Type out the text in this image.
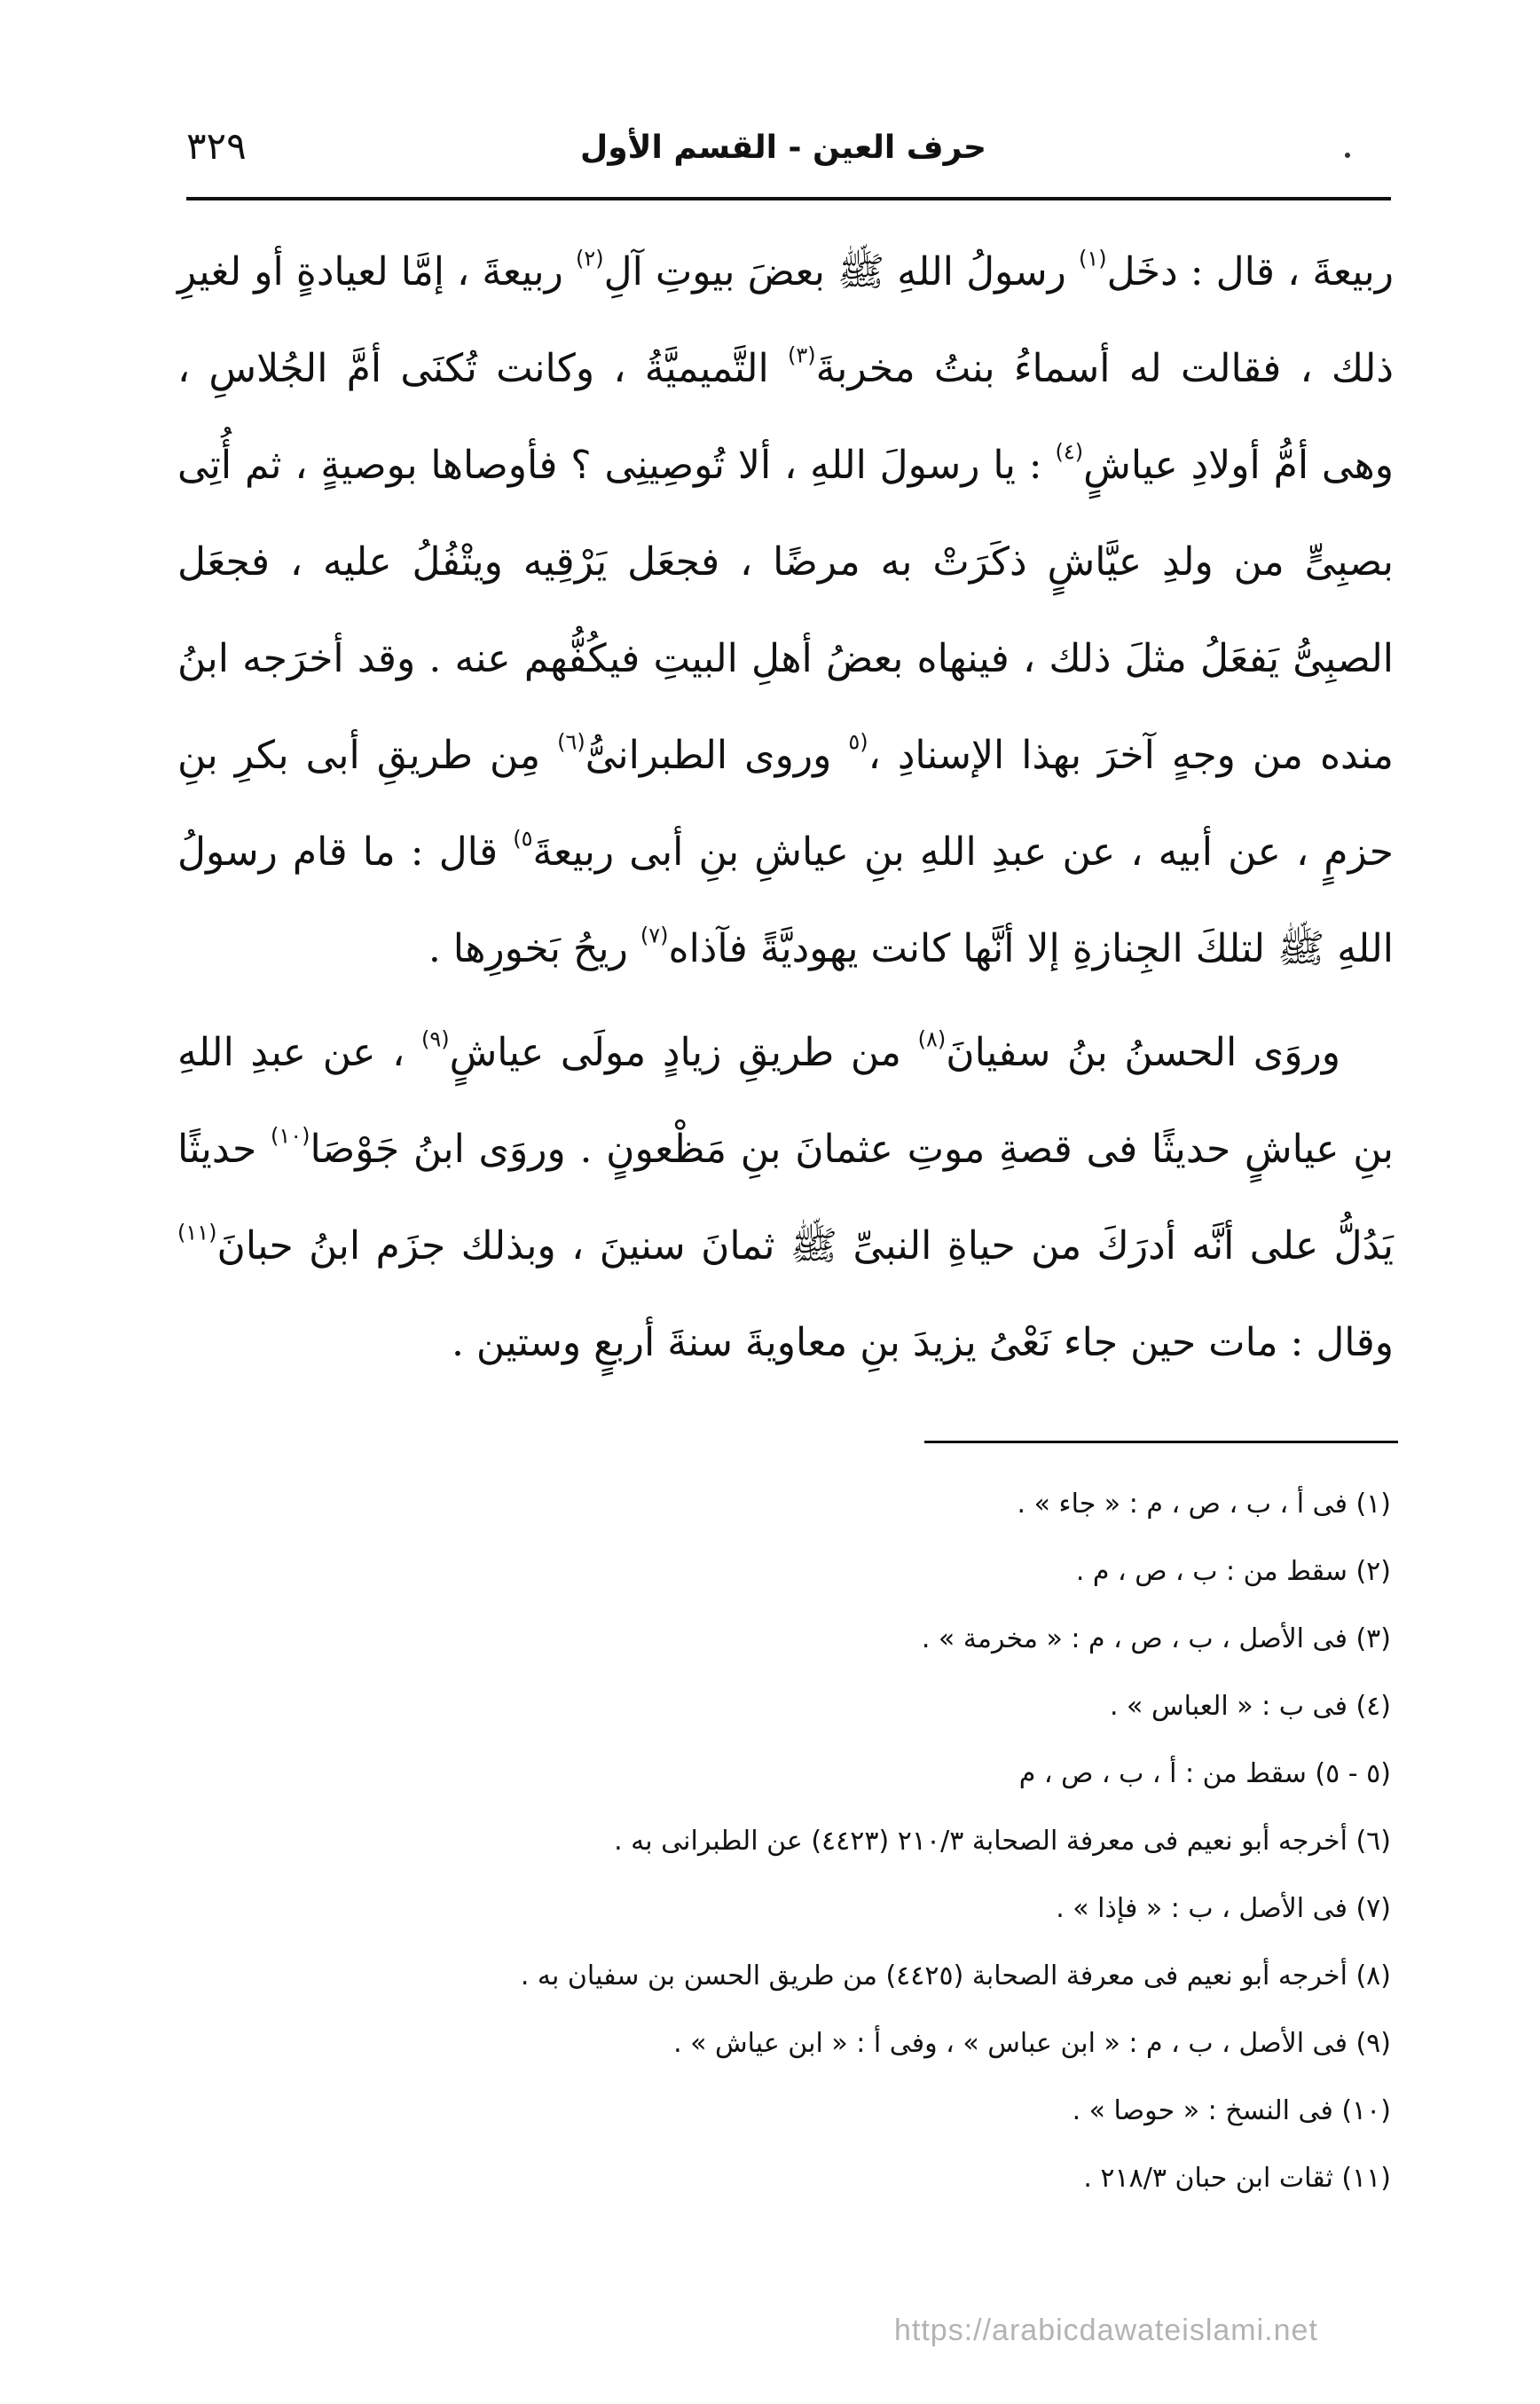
٣٢٩	حرف العين - القسم الأول

ربيعةَ ، قال : دخَل$^{(١)}$ رسولُ اللهِ ﷺ بعضَ بيوتِ آلِ$^{(٢)}$ ربيعةَ ، إمَّا لعيادةٍ أو لغيرِ ذلك ، فقالت له أسماءُ بنتُ مخربةَ$^{(٣)}$ التَّميميَّةُ ، وكانت تُكنَى أمَّ الجُلاسِ ، وهى أمُّ أولادِ عياشٍ$^{(٤)}$ : يا رسولَ اللهِ ، ألا تُوصِينِى ؟ فأوصاها بوصيةٍ ، ثم أُتِى بصبِىٍّ من ولدِ عيَّاشٍ ذكَرَتْ به مرضًا ، فجعَل يَرْقِيه ويتْفُلُ عليه ، فجعَل الصبِىُّ يَفعَلُ مثلَ ذلك ، فينهاه بعضُ أهلِ البيتِ فيكُفُّهم عنه . وقد أخرَجه ابنُ منده من وجهٍ آخرَ بهذا الإسنادِ ،$^{(٥}$ وروى الطبرانىُّ$^{(٦)}$ مِن طريقِ أبى بكرِ بنِ حزمٍ ، عن أبيه ، عن عبدِ اللهِ بنِ عياشِ بنِ أبى ربيعةَ$^{٥)}$ قال : ما قام رسولُ اللهِ ﷺ لتلكَ الجِنازةِ إلا أنَّها كانت يهوديَّةً فآذاه$^{(٧)}$ ريحُ بَخورِها .

وروَى الحسنُ بنُ سفيانَ$^{(٨)}$ من طريقِ زيادٍ مولَى عياشٍ$^{(٩)}$ ، عن عبدِ اللهِ بنِ عياشٍ حديثًا فى قصةِ موتِ عثمانَ بنِ مَظْعونٍ . وروَى ابنُ جَوْصَا$^{(١٠)}$ حديثًا يَدُلُّ على أنَّه أدرَكَ من حياةِ النبىِّ ﷺ ثمانَ سنينَ ، وبذلك جزَم ابنُ حبانَ$^{(١١)}$ وقال : مات حين جاء نَعْىُ يزيدَ بنِ معاويةَ سنةَ أربعٍ وستين .

(١) فى أ ، ب ، ص ، م : « جاء » .
(٢) سقط من : ب ، ص ، م .
(٣) فى الأصل ، ب ، ص ، م : « مخرمة » .
(٤) فى ب : « العباس » .
(٥ - ٥) سقط من : أ ، ب ، ص ، م
(٦) أخرجه أبو نعيم فى معرفة الصحابة ٢١٠/٣ (٤٤٢٣) عن الطبرانى به .
(٧) فى الأصل ، ب : « فإذا » .
(٨) أخرجه أبو نعيم فى معرفة الصحابة (٤٤٢٥) من طريق الحسن بن سفيان به .
(٩) فى الأصل ، ب ، م : « ابن عباس » ، وفى أ : « ابن عياش » .
(١٠) فى النسخ : « حوصا » .
(١١) ثقات ابن حبان ٢١٨/٣ .
https://arabicdawateislami.net
